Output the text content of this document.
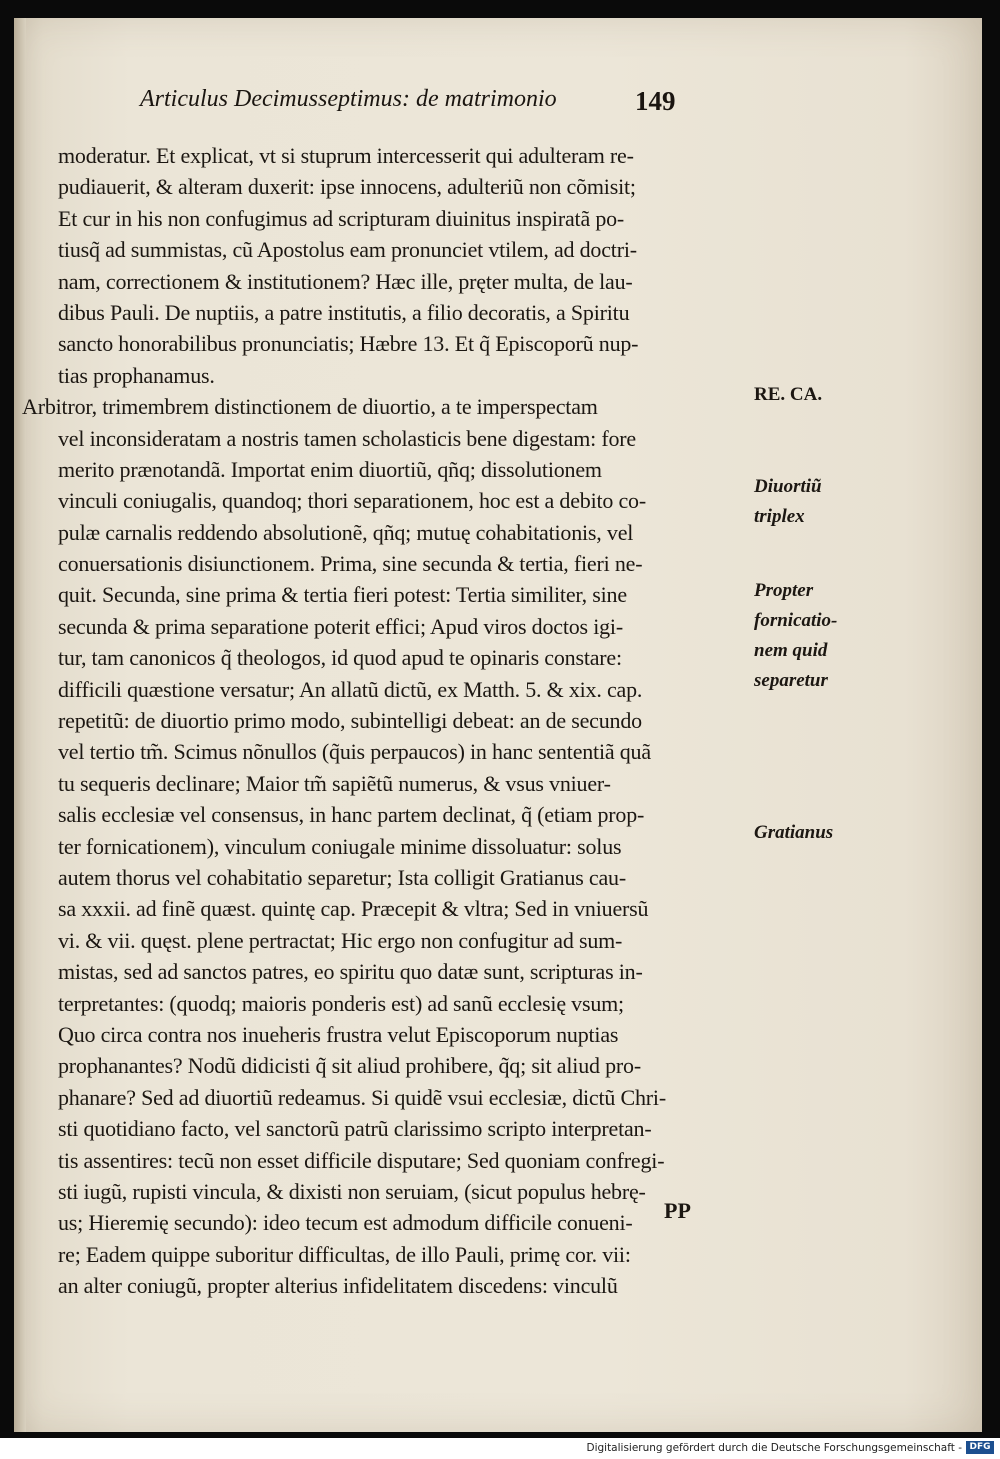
Articulus Decimusseptimus: de matrimonio	149
moderatur. Et explicat, vt si stuprum intercesserit qui adulteram re-
pudiauerit, & alteram duxerit: ipse innocens, adulteriũ non cõmisit;
Et cur in his non confugimus ad scripturam diuinitus inspiratã po-
tiusq̃ ad summistas, cũ Apostolus eam pronunciet vtilem, ad doctri-
nam, correctionem & institutionem? Hæc ille, pręter multa, de lau-
dibus Pauli. De nuptiis, a patre institutis, a filio decoratis, a Spiritu
sancto honorabilibus pronunciatis; Hæbre 13. Et q̃ Episcoporũ nup-
tias prophanamus.
Arbitror, trimembrem distinctionem de diuortio, a te imperspectam
vel inconsideratam a nostris tamen scholasticis bene digestam: fore
merito prænotandã. Importat enim diuortiũ, qñq; dissolutionem
vinculi coniugalis, quandoq; thori separationem, hoc est a debito co-
pulæ carnalis reddendo absolutionẽ, qñq; mutuę cohabitationis, vel
conuersationis disiunctionem. Prima, sine secunda & tertia, fieri ne-
quit. Secunda, sine prima & tertia fieri potest: Tertia similiter, sine
secunda & prima separatione poterit effici; Apud viros doctos igi-
tur, tam canonicos q̃ theologos, id quod apud te opinaris constare:
difficili quæstione versatur; An allatũ dictũ, ex Matth. 5. & xix. cap.
repetitũ: de diuortio primo modo, subintelligi debeat: an de secundo
vel tertio tm̃. Scimus nõnullos (q̃uis perpaucos) in hanc sententiã quã
tu sequeris declinare; Maior tm̃ sapiẽtũ numerus, & vsus vniuer-
salis ecclesiæ vel consensus, in hanc partem declinat, q̃ (etiam prop-
ter fornicationem), vinculum coniugale minime dissoluatur: solus
autem thorus vel cohabitatio separetur; Ista colligit Gratianus cau-
sa xxxii. ad finẽ quæst. quintę cap. Præcepit & vltra; Sed in vniuersũ
vi. & vii. quęst. plene pertractat; Hic ergo non confugitur ad sum-
mistas, sed ad sanctos patres, eo spiritu quo datæ sunt, scripturas in-
terpretantes: (quodq; maioris ponderis est) ad sanũ ecclesię vsum;
Quo circa contra nos inueheris frustra velut Episcoporum nuptias
prophanantes? Nodũ didicisti q̃ sit aliud prohibere, q̃q; sit aliud pro-
phanare? Sed ad diuortiũ redeamus. Si quidẽ vsui ecclesiæ, dictũ Chri-
sti quotidiano facto, vel sanctorũ patrũ clarissimo scripto interpretan-
tis assentires: tecũ non esset difficile disputare; Sed quoniam confregi-
sti iugũ, rupisti vincula, & dixisti non seruiam, (sicut populus hebrę-
us; Hieremię secundo): ideo tecum est admodum difficile conueni-
re; Eadem quippe suboritur difficultas, de illo Pauli, primę cor. vii:
an alter coniugũ, propter alterius infidelitatem discedens: vinculũ
RE. CA.
Diuortiũ
triplex
Propter
fornicatio-
nem quid
separetur
Gratianus
PP
Digitalisierung gefördert durch die Deutsche Forschungsgemeinschaft - DFG
